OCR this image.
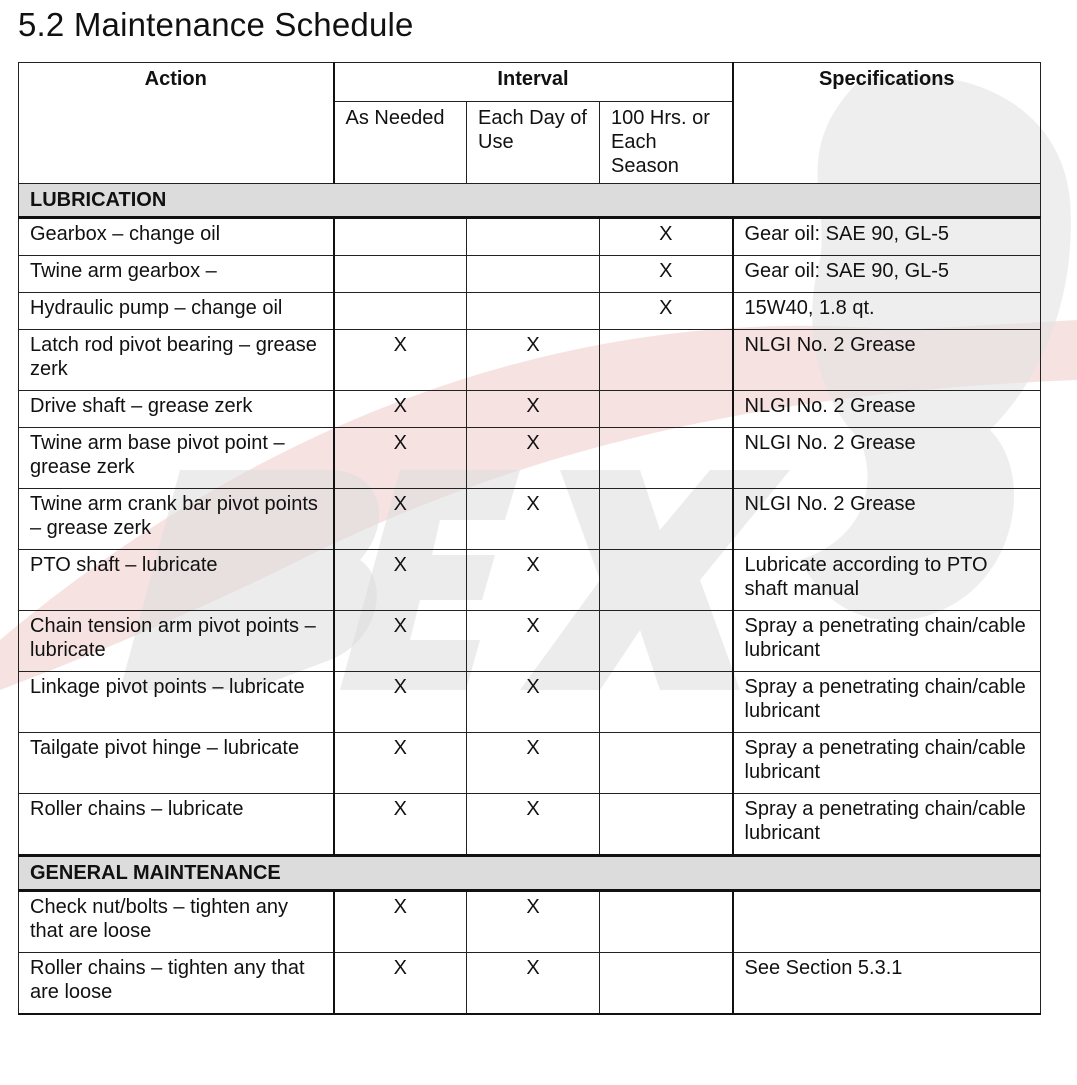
5.2 Maintenance Schedule
Action	Interval			Specifications
	As Needed	Each Day of Use	100 Hrs. or Each Season	
LUBRICATION				
Gearbox – change oil			X	Gear oil: SAE 90, GL-5
Twine arm gearbox –			X	Gear oil: SAE 90, GL-5
Hydraulic pump – change oil			X	15W40, 1.8 qt.
Latch rod pivot bearing – grease zerk	X	X		NLGI No. 2 Grease
Drive shaft – grease zerk	X	X		NLGI No. 2 Grease
Twine arm base pivot point – grease zerk	X	X		NLGI No. 2 Grease
Twine arm crank bar pivot points – grease zerk	X	X		NLGI No. 2 Grease
PTO shaft – lubricate	X	X		Lubricate according to PTO shaft manual
Chain tension arm pivot points – lubricate	X	X		Spray a penetrating chain/cable lubricant
Linkage pivot points – lubricate	X	X		Spray a penetrating chain/cable lubricant
Tailgate pivot hinge – lubricate	X	X		Spray a penetrating chain/cable lubricant
Roller chains – lubricate	X	X		Spray a penetrating chain/cable lubricant
GENERAL MAINTENANCE				
Check nut/bolts – tighten any that are loose	X	X		
Roller chains – tighten any that are loose	X	X		See Section 5.3.1
